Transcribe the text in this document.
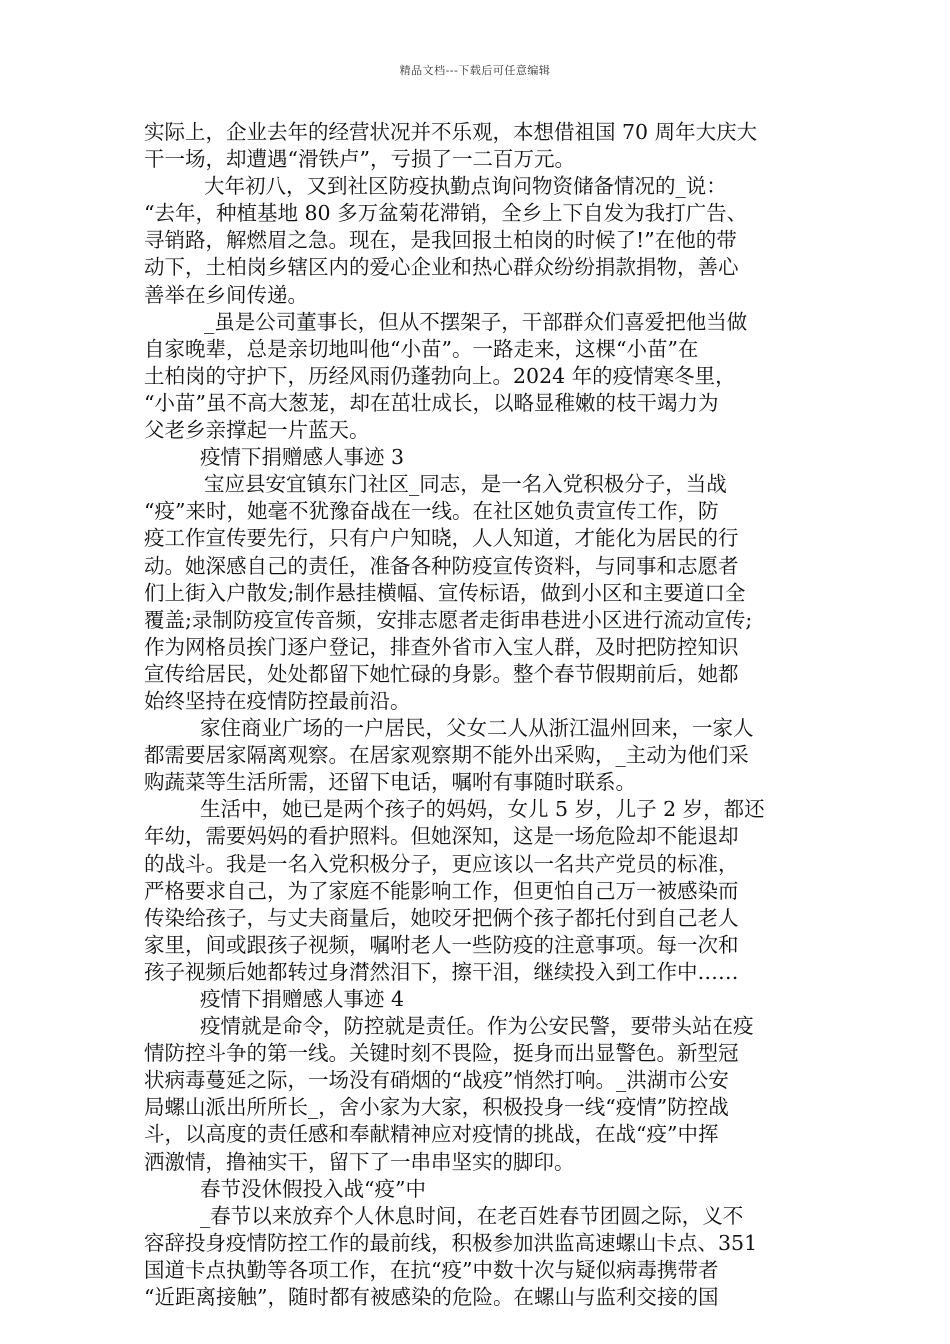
精品文档---下载后可任意编辑
实际上，企业去年的经营状况并不乐观，本想借祖国 70 周年大庆大
干一场，却遭遇“滑铁卢”，亏损了一二百万元。
大年初八，又到社区防疫执勤点询问物资储备情况的_说：
“去年，种植基地 80 多万盆菊花滞销，全乡上下自发为我打广告、
寻销路，解燃眉之急。现在，是我回报土柏岗的时候了!”在他的带
动下，土柏岗乡辖区内的爱心企业和热心群众纷纷捐款捐物，善心
善举在乡间传递。
_虽是公司董事长，但从不摆架子，干部群众们喜爱把他当做
自家晚辈，总是亲切地叫他“小苗”。一路走来，这棵“小苗”在
土柏岗的守护下，历经风雨仍蓬勃向上。2024 年的疫情寒冬里，
“小苗”虽不高大葱茏，却在茁壮成长，以略显稚嫩的枝干竭力为
父老乡亲撑起一片蓝天。
疫情下捐赠感人事迹 3
宝应县安宜镇东门社区_同志，是一名入党积极分子，当战
“疫”来时，她毫不犹豫奋战在一线。在社区她负责宣传工作，防
疫工作宣传要先行，只有户户知晓，人人知道，才能化为居民的行
动。她深感自己的责任，准备各种防疫宣传资料，与同事和志愿者
们上街入户散发;制作悬挂横幅、宣传标语，做到小区和主要道口全
覆盖;录制防疫宣传音频，安排志愿者走街串巷进小区进行流动宣传;
作为网格员挨门逐户登记，排查外省市入宝人群，及时把防控知识
宣传给居民，处处都留下她忙碌的身影。整个春节假期前后，她都
始终坚持在疫情防控最前沿。
家住商业广场的一户居民，父女二人从浙江温州回来，一家人
都需要居家隔离观察。在居家观察期不能外出采购，_主动为他们采
购蔬菜等生活所需，还留下电话，嘱咐有事随时联系。
生活中，她已是两个孩子的妈妈，女儿 5 岁，儿子 2 岁，都还
年幼，需要妈妈的看护照料。但她深知，这是一场危险却不能退却
的战斗。我是一名入党积极分子，更应该以一名共产党员的标准，
严格要求自己，为了家庭不能影响工作，但更怕自己万一被感染而
传染给孩子，与丈夫商量后，她咬牙把俩个孩子都托付到自己老人
家里，间或跟孩子视频，嘱咐老人一些防疫的注意事项。每一次和
孩子视频后她都转过身潸然泪下，擦干泪，继续投入到工作中……
疫情下捐赠感人事迹 4
疫情就是命令，防控就是责任。作为公安民警，要带头站在疫
情防控斗争的第一线。关键时刻不畏险，挺身而出显警色。新型冠
状病毒蔓延之际，一场没有硝烟的“战疫”悄然打响。_洪湖市公安
局螺山派出所所长_，舍小家为大家，积极投身一线“疫情”防控战
斗，以高度的责任感和奉献精神应对疫情的挑战，在战“疫”中挥
洒激情，撸袖实干，留下了一串串坚实的脚印。
春节没休假投入战“疫”中
_春节以来放弃个人休息时间，在老百姓春节团圆之际，义不
容辞投身疫情防控工作的最前线，积极参加洪监高速螺山卡点、351
国道卡点执勤等各项工作，在抗“疫”中数十次与疑似病毒携带者
“近距离接触”，随时都有被感染的危险。在螺山与监利交接的国
